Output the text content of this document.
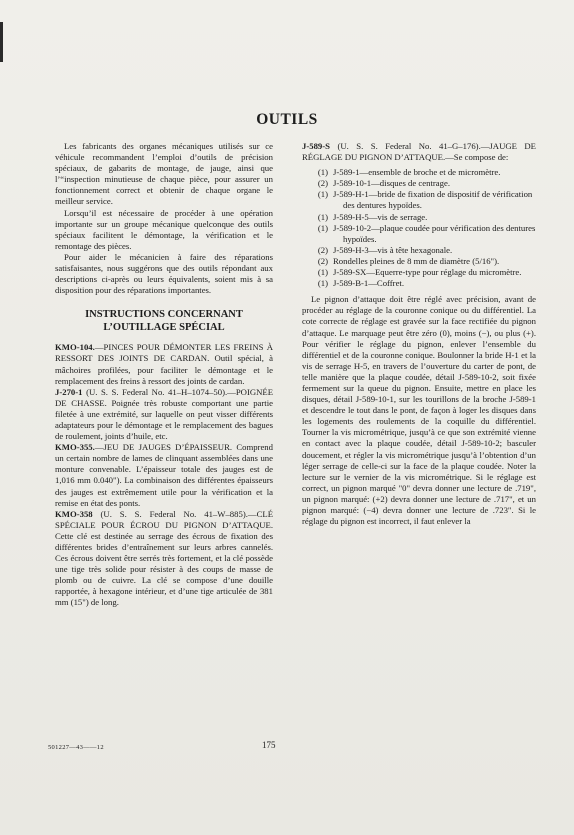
OUTILS

Les fabricants des organes mécaniques utilisés sur ce véhicule recommandent l’emploi d’outils de précision spéciaux, de gabarits de montage, de jauge, ainsi que l’“inspection minutieuse de chaque pièce, pour assurer un fonctionnement correct et obtenir de chaque organe le meilleur service.

Lorsqu’il est nécessaire de procéder à une opération importante sur un groupe mécanique quelconque des outils spéciaux facilitent le démontage, la vérification et le remontage des pièces.

Pour aider le mécanicien à faire des réparations satisfaisantes, nous suggérons que des outils répondant aux descriptions ci-après ou leurs équivalents, soient mis à sa disposition pour des réparations importantes.

INSTRUCTIONS CONCERNANT
L’OUTILLAGE SPÉCIAL

KMO-104.—PINCES POUR DÉMONTER LES FREINS À RESSORT DES JOINTS DE CARDAN. Outil spécial, à mâchoires profilées, pour faciliter le démontage et le remplacement des freins à ressort des joints de cardan.

J-270-1 (U. S. S. Federal No. 41–H–1074–50).—POIGNÉE DE CHASSE. Poignée très robuste comportant une partie filetée à une extrémité, sur laquelle on peut visser différents adaptateurs pour le démontage et le remplacement des bagues de roulement, joints d’huile, etc.

KMO-355.—JEU DE JAUGES D’ÉPAISSEUR. Comprend un certain nombre de lames de clinquant assemblées dans une monture convenable. L’épaisseur totale des jauges est de 1,016 mm 0.040"). La combinaison des différentes épaisseurs des jauges est extrêmement utile pour la vérification et la remise en état des ponts.

KMO-358 (U. S. S. Federal No. 41–W–885).—CLÉ SPÉCIALE POUR ÉCROU DU PIGNON D’ATTAQUE. Cette clé est destinée au serrage des écrous de fixation des différentes brides d’entraînement sur leurs arbres cannelés. Ces écrous doivent être serrés très fortement, et la clé possède une tige très solide pour résister à des coups de masse de plomb ou de cuivre. La clé se compose d’une douille rapportée, à hexagone intérieur, et d’une tige articulée de 381 mm (15") de long.

J-589-S (U. S. S. Federal No. 41–G–176).—JAUGE DE RÉGLAGE DU PIGNON D’ATTAQUE.—Se compose de:

(1) J-589-1—ensemble de broche et de micromètre.
(2) J-589-10-1—disques de centrage.
(1) J-589-H-1—bride de fixation de dispositif de vérification des dentures hypoïdes.
(1) J-589-H-5—vis de serrage.
(1) J-589-10-2—plaque coudée pour vérification des dentures hypoïdes.
(2) J-589-H-3—vis à tête hexagonale.
(2) Rondelles pleines de 8 mm de diamètre (5/16").
(1) J-589-SX—Equerre-type pour réglage du micromètre.
(1) J-589-B-1—Coffret.

Le pignon d’attaque doit être réglé avec précision, avant de procéder au réglage de la couronne conique ou du différentiel. La cote correcte de réglage est gravée sur la face rectifiée du pignon d’attaque. Le marquage peut être zéro (0), moins (−), ou plus (+). Pour vérifier le réglage du pignon, enlever l’ensemble du différentiel et de la couronne conique. Boulonner la bride H-1 et la vis de serrage H-5, en travers de l’ouverture du carter de pont, de telle manière que la plaque coudée, détail J-589-10-2, soit fixée fermement sur la queue du pignon. Ensuite, mettre en place les disques, détail J-589-10-1, sur les tourillons de la broche J-589-1 et descendre le tout dans le pont, de façon à loger les disques dans les logements des roulements de la coquille du différentiel. Tourner la vis micrométrique, jusqu’à ce que son extrémité vienne en contact avec la plaque coudée, détail J-589-10-2; basculer doucement, et régler la vis micrométrique jusqu’à l’obtention d’un léger serrage de celle-ci sur la face de la plaque coudée. Noter la lecture sur le vernier de la vis micrométrique. Si le réglage est correct, un pignon marqué "0" devra donner une lecture de .719", un pignon marqué: (+2) devra donner une lecture de .717", et un pignon marqué: (−4) devra donner une lecture de .723". Si le réglage du pignon est incorrect, il faut enlever la

501227—43——12	175
